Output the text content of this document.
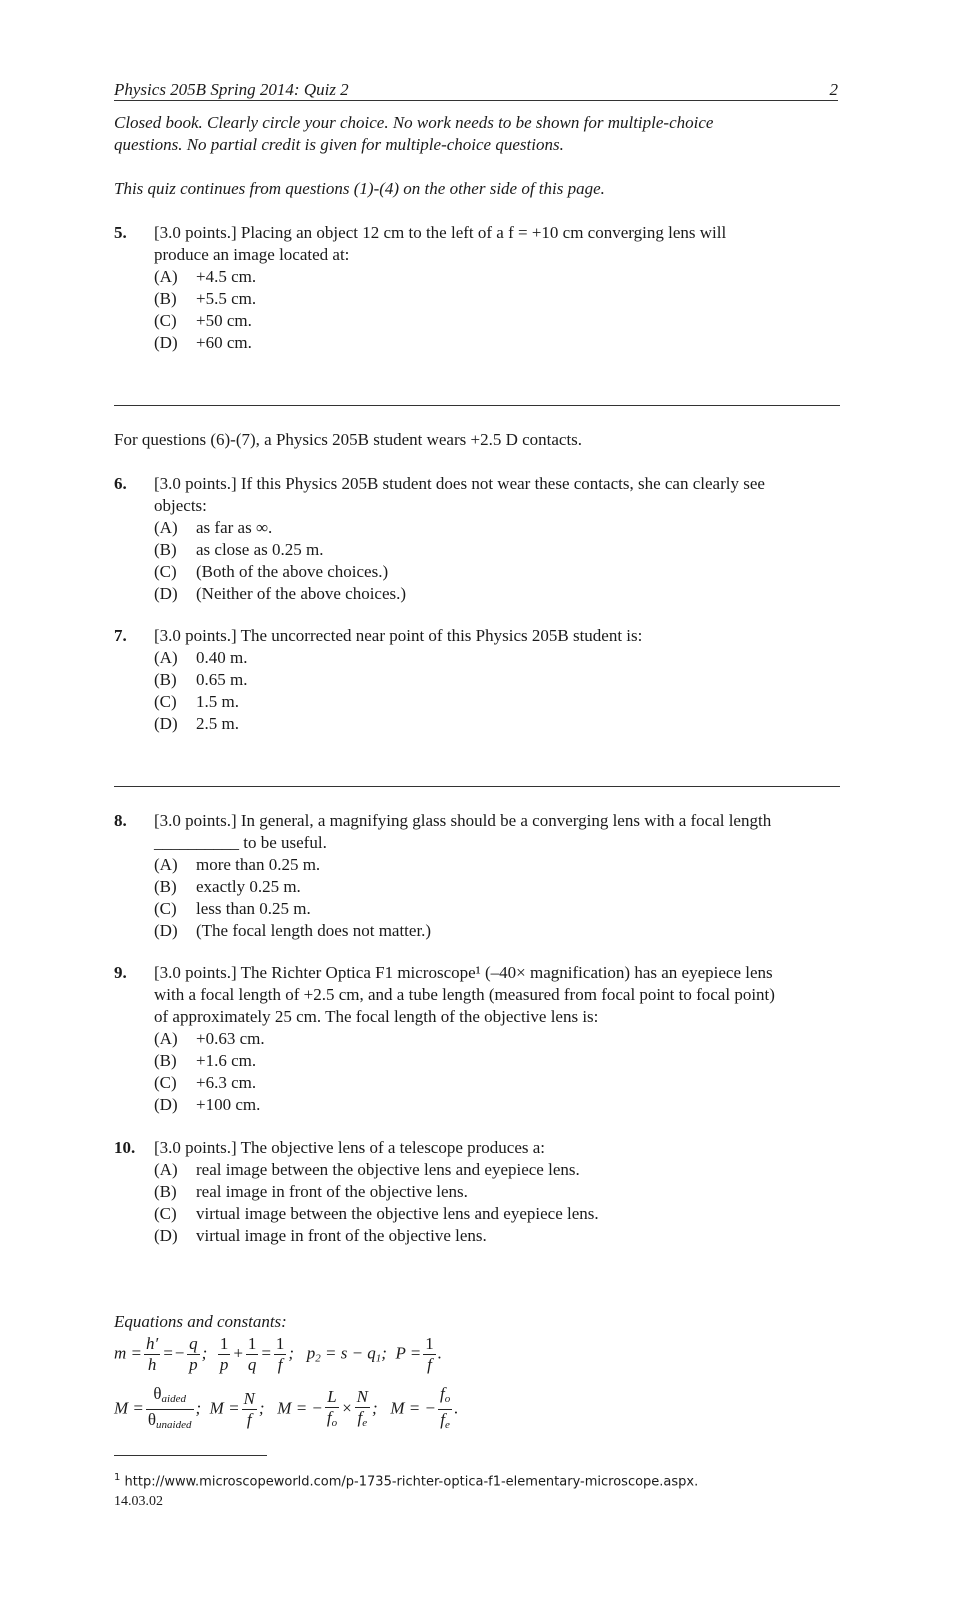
Physics 205B Spring 2014: Quiz 2	2
Closed book. Clearly circle your choice. No work needs to be shown for multiple-choice
questions. No partial credit is given for multiple-choice questions.
This quiz continues from questions (1)-(4) on the other side of this page.
5. [3.0 points.] Placing an object 12 cm to the left of a f = +10 cm converging lens will
produce an image located at:
(A) +4.5 cm.
(B) +5.5 cm.
(C) +50 cm.
(D) +60 cm.
For questions (6)-(7), a Physics 205B student wears +2.5 D contacts.
6. [3.0 points.] If this Physics 205B student does not wear these contacts, she can clearly see
objects:
(A) as far as ∞.
(B) as close as 0.25 m.
(C) (Both of the above choices.)
(D) (Neither of the above choices.)
7. [3.0 points.] The uncorrected near point of this Physics 205B student is:
(A) 0.40 m.
(B) 0.65 m.
(C) 1.5 m.
(D) 2.5 m.
8. [3.0 points.] In general, a magnifying glass should be a converging lens with a focal length
__________ to be useful.
(A) more than 0.25 m.
(B) exactly 0.25 m.
(C) less than 0.25 m.
(D) (The focal length does not matter.)
9. [3.0 points.] The Richter Optica F1 microscope¹ (–40× magnification) has an eyepiece lens
with a focal length of +2.5 cm, and a tube length (measured from focal point to focal point)
of approximately 25 cm. The focal length of the objective lens is:
(A) +0.63 cm.
(B) +1.6 cm.
(C) +6.3 cm.
(D) +100 cm.
10. [3.0 points.] The objective lens of a telescope produces a:
(A) real image between the objective lens and eyepiece lens.
(B) real image in front of the objective lens.
(C) virtual image between the objective lens and eyepiece lens.
(D) virtual image in front of the objective lens.
Equations and constants:
$m = \frac{h'}{h} =- \frac{q}{p}$ ; $\frac{1}{p} + \frac{1}{q} = \frac{1}{f}$ ;   $p_2 = s - q_1$;  $P = \frac{1}{f}$ .
$M = \frac{\theta_{aided}}{\theta_{unaided}}$ ;  $M = \frac{N}{f}$ ;   M = − $\frac{L}{f_o} \times \frac{N}{f_e}$ ;   M = − $\frac{f_o}{f_e}$ .
$^1$ http://www.microscopeworld.com/p-1735-richter-optica-f1-elementary-microscope.aspx.
14.03.02
